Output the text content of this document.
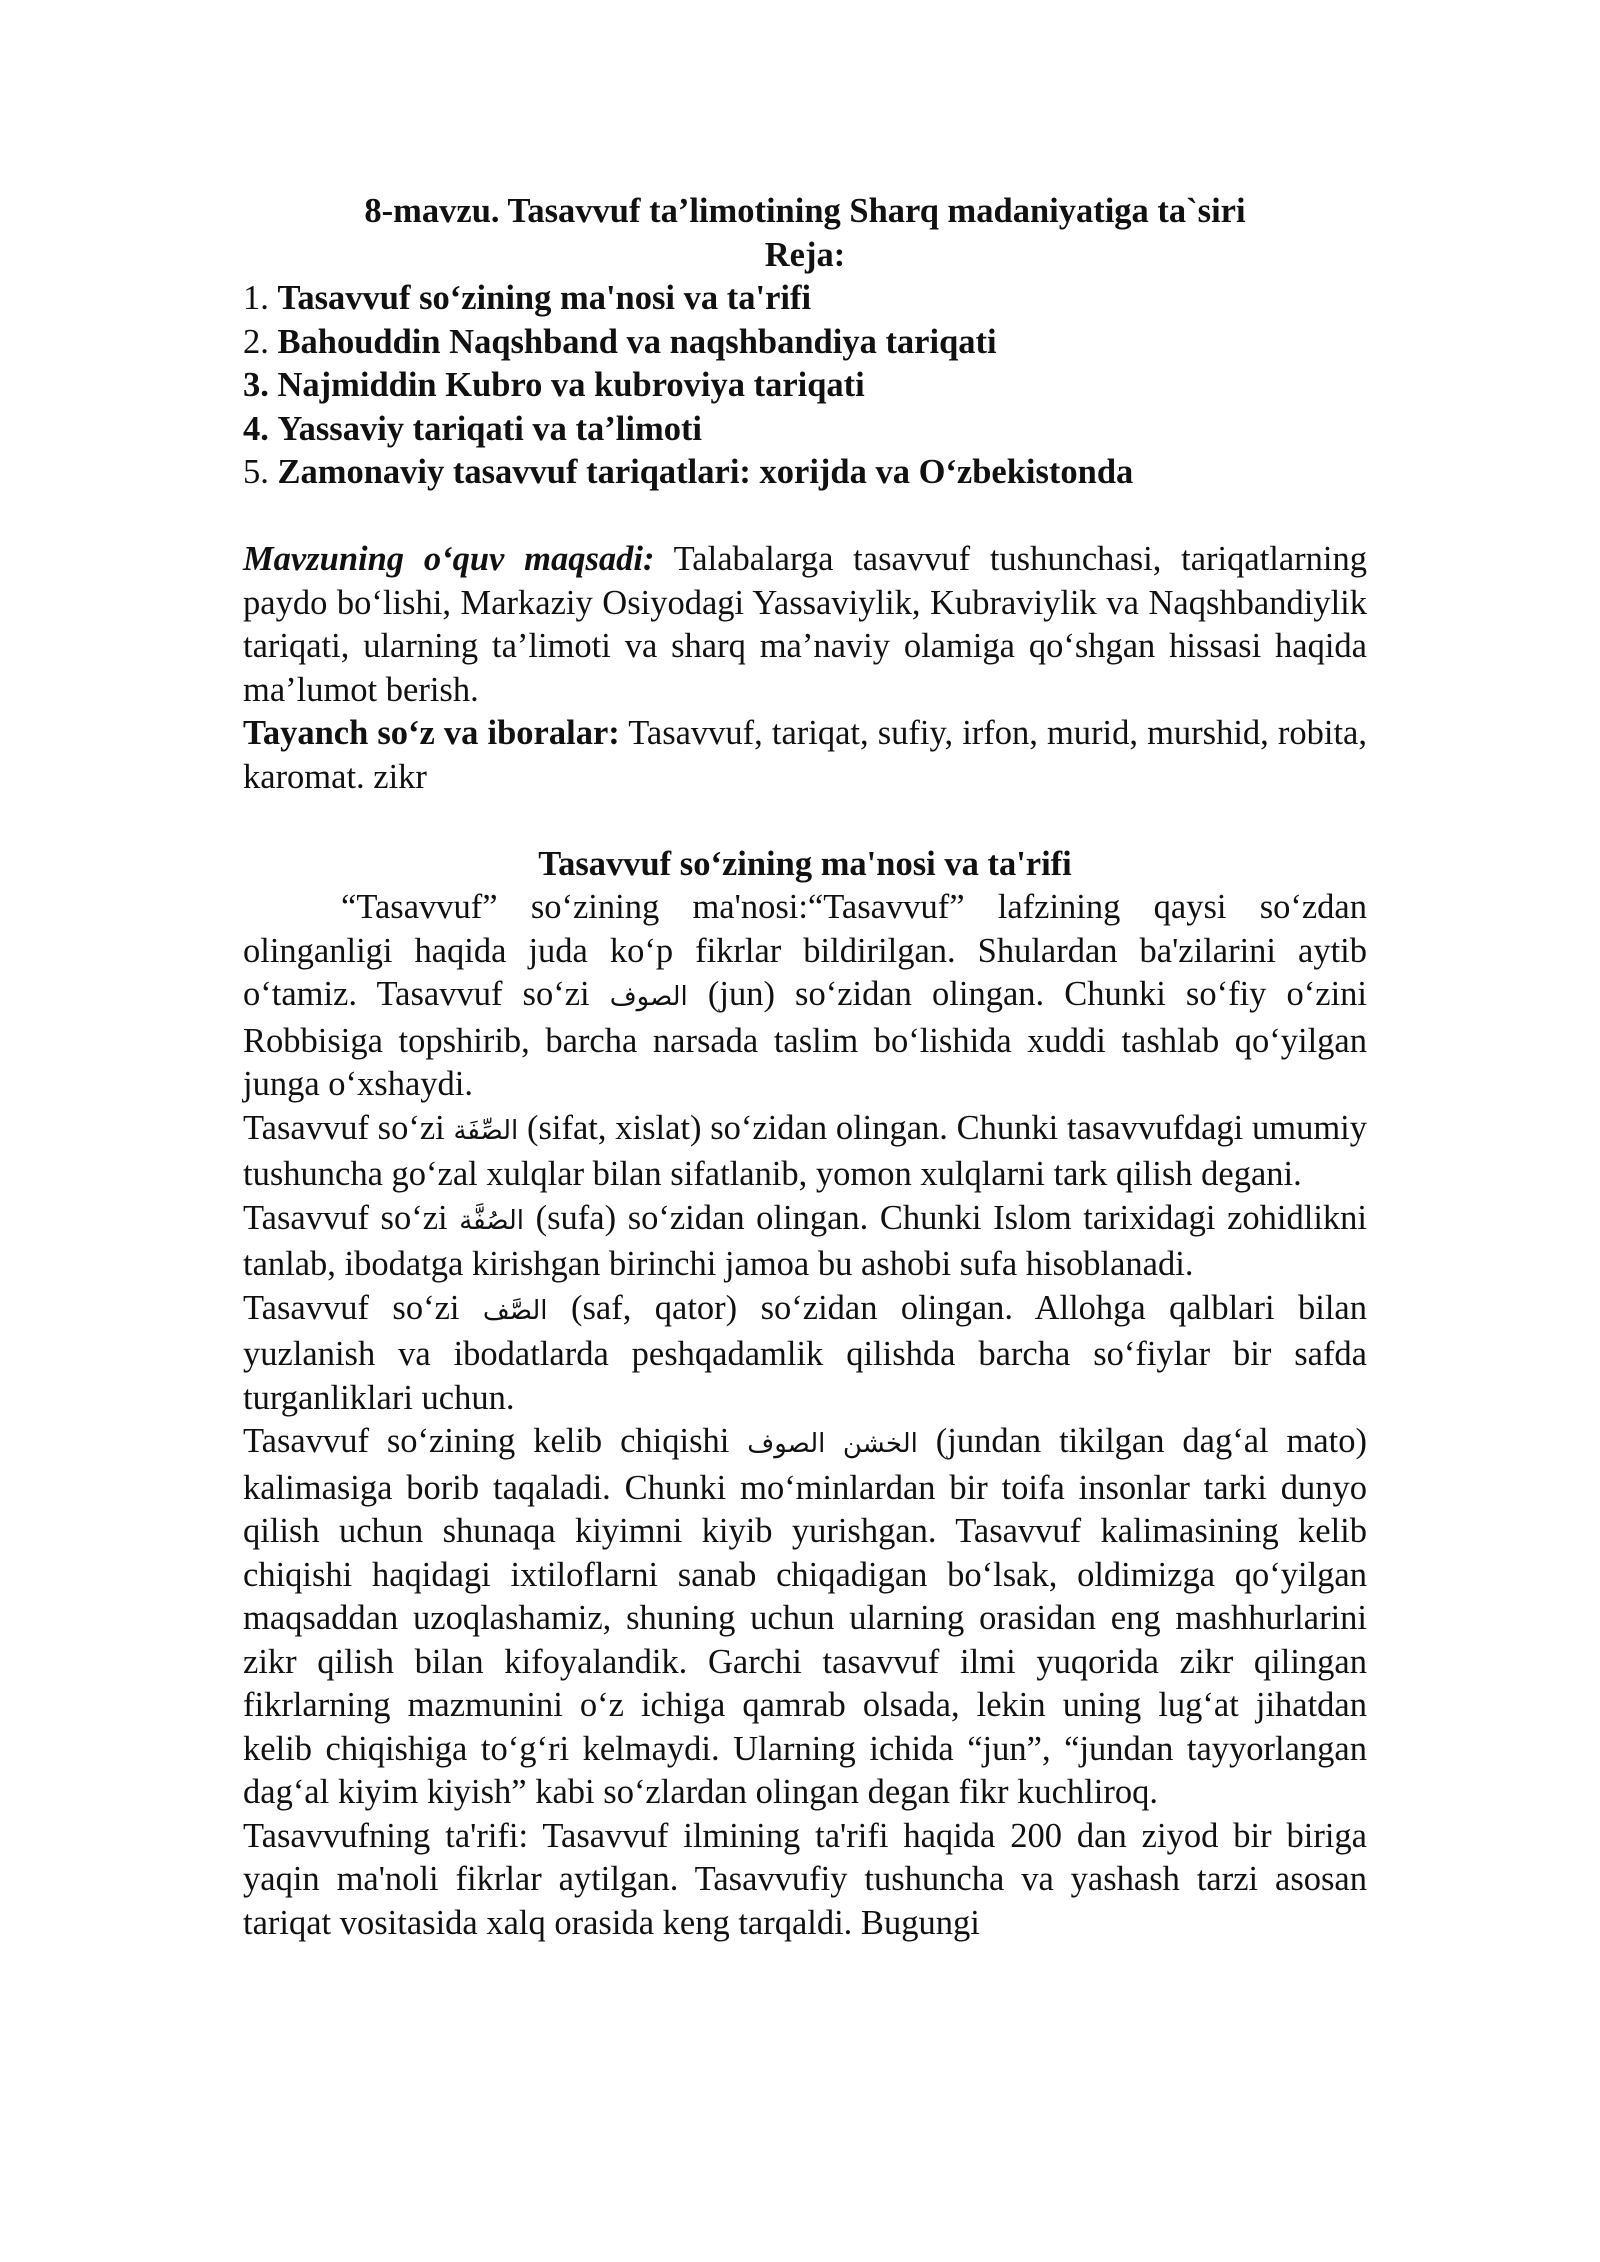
8-mavzu. Tasavvuf ta’limotining Sharq madaniyatiga ta`siri
Reja:
1. Tasavvuf so‘zining ma'nosi va ta'rifi
2. Bahouddin Naqshband va naqshbandiya tariqati
3. Najmiddin Kubro va kubroviya tariqati
4. Yassaviy tariqati va ta’limoti
5. Zamonaviy tasavvuf tariqatlari: xorijda va O‘zbekistonda

Mavzuning o‘quv maqsadi: Talabalarga tasavvuf tushunchasi, tariqatlarning paydo bo‘lishi, Markaziy Osiyodagi Yassaviylik, Kubraviylik va Naqshbandiylik tariqati, ularning ta’limoti va sharq ma’naviy olamiga qo‘shgan hissasi haqida ma’lumot berish.

Tayanch so‘z va iboralar: Tasavvuf, tariqat, sufiy, irfon, murid, murshid, robita, karomat. zikr

Tasavvuf so‘zining ma'nosi va ta'rifi

“Tasavvuf” so‘zining ma'nosi:“Tasavvuf” lafzining qaysi so‘zdan olinganligi haqida juda ko‘p fikrlar bildirilgan. Shulardan ba'zilarini aytib o‘tamiz. Tasavvuf so‘zi الصوف (jun) so‘zidan olingan. Chunki so‘fiy o‘zini Robbisiga topshirib, barcha narsada taslim bo‘lishida xuddi tashlab qo‘yilgan junga o‘xshaydi.

Tasavvuf so‘zi الصِّفَة (sifat, xislat) so‘zidan olingan. Chunki tasavvufdagi umumiy tushuncha go‘zal xulqlar bilan sifatlanib, yomon xulqlarni tark qilish degani.

Tasavvuf so‘zi الصُفَّة (sufa) so‘zidan olingan. Chunki Islom tarixidagi zohidlikni tanlab, ibodatga kirishgan birinchi jamoa bu ashobi sufa hisoblanadi.

Tasavvuf so‘zi الصَّف (saf, qator) so‘zidan olingan. Allohga qalblari bilan yuzlanish va ibodatlarda peshqadamlik qilishda barcha so‘fiylar bir safda turganliklari uchun.

Tasavvuf so‘zining kelib chiqishi الخشن الصوف (jundan tikilgan dag‘al mato) kalimasiga borib taqaladi. Chunki mo‘minlardan bir toifa insonlar tarki dunyo qilish uchun shunaqa kiyimni kiyib yurishgan. Tasavvuf kalimasining kelib chiqishi haqidagi ixtiloflarni sanab chiqadigan bo‘lsak, oldimizga qo‘yilgan maqsaddan uzoqlashamiz, shuning uchun ularning orasidan eng mashhurlarini zikr qilish bilan kifoyalandik. Garchi tasavvuf ilmi yuqorida zikr qilingan fikrlarning mazmunini o‘z ichiga qamrab olsada, lekin uning lug‘at jihatdan kelib chiqishiga to‘g‘ri kelmaydi. Ularning ichida “jun”, “jundan tayyorlangan dag‘al kiyim kiyish” kabi so‘zlardan olingan degan fikr kuchliroq.

Tasavvufning ta'rifi: Tasavvuf ilmining ta'rifi haqida 200 dan ziyod bir biriga yaqin ma'noli fikrlar aytilgan. Tasavvufiy tushuncha va yashash tarzi asosan tariqat vositasida xalq orasida keng tarqaldi. Bugungi
